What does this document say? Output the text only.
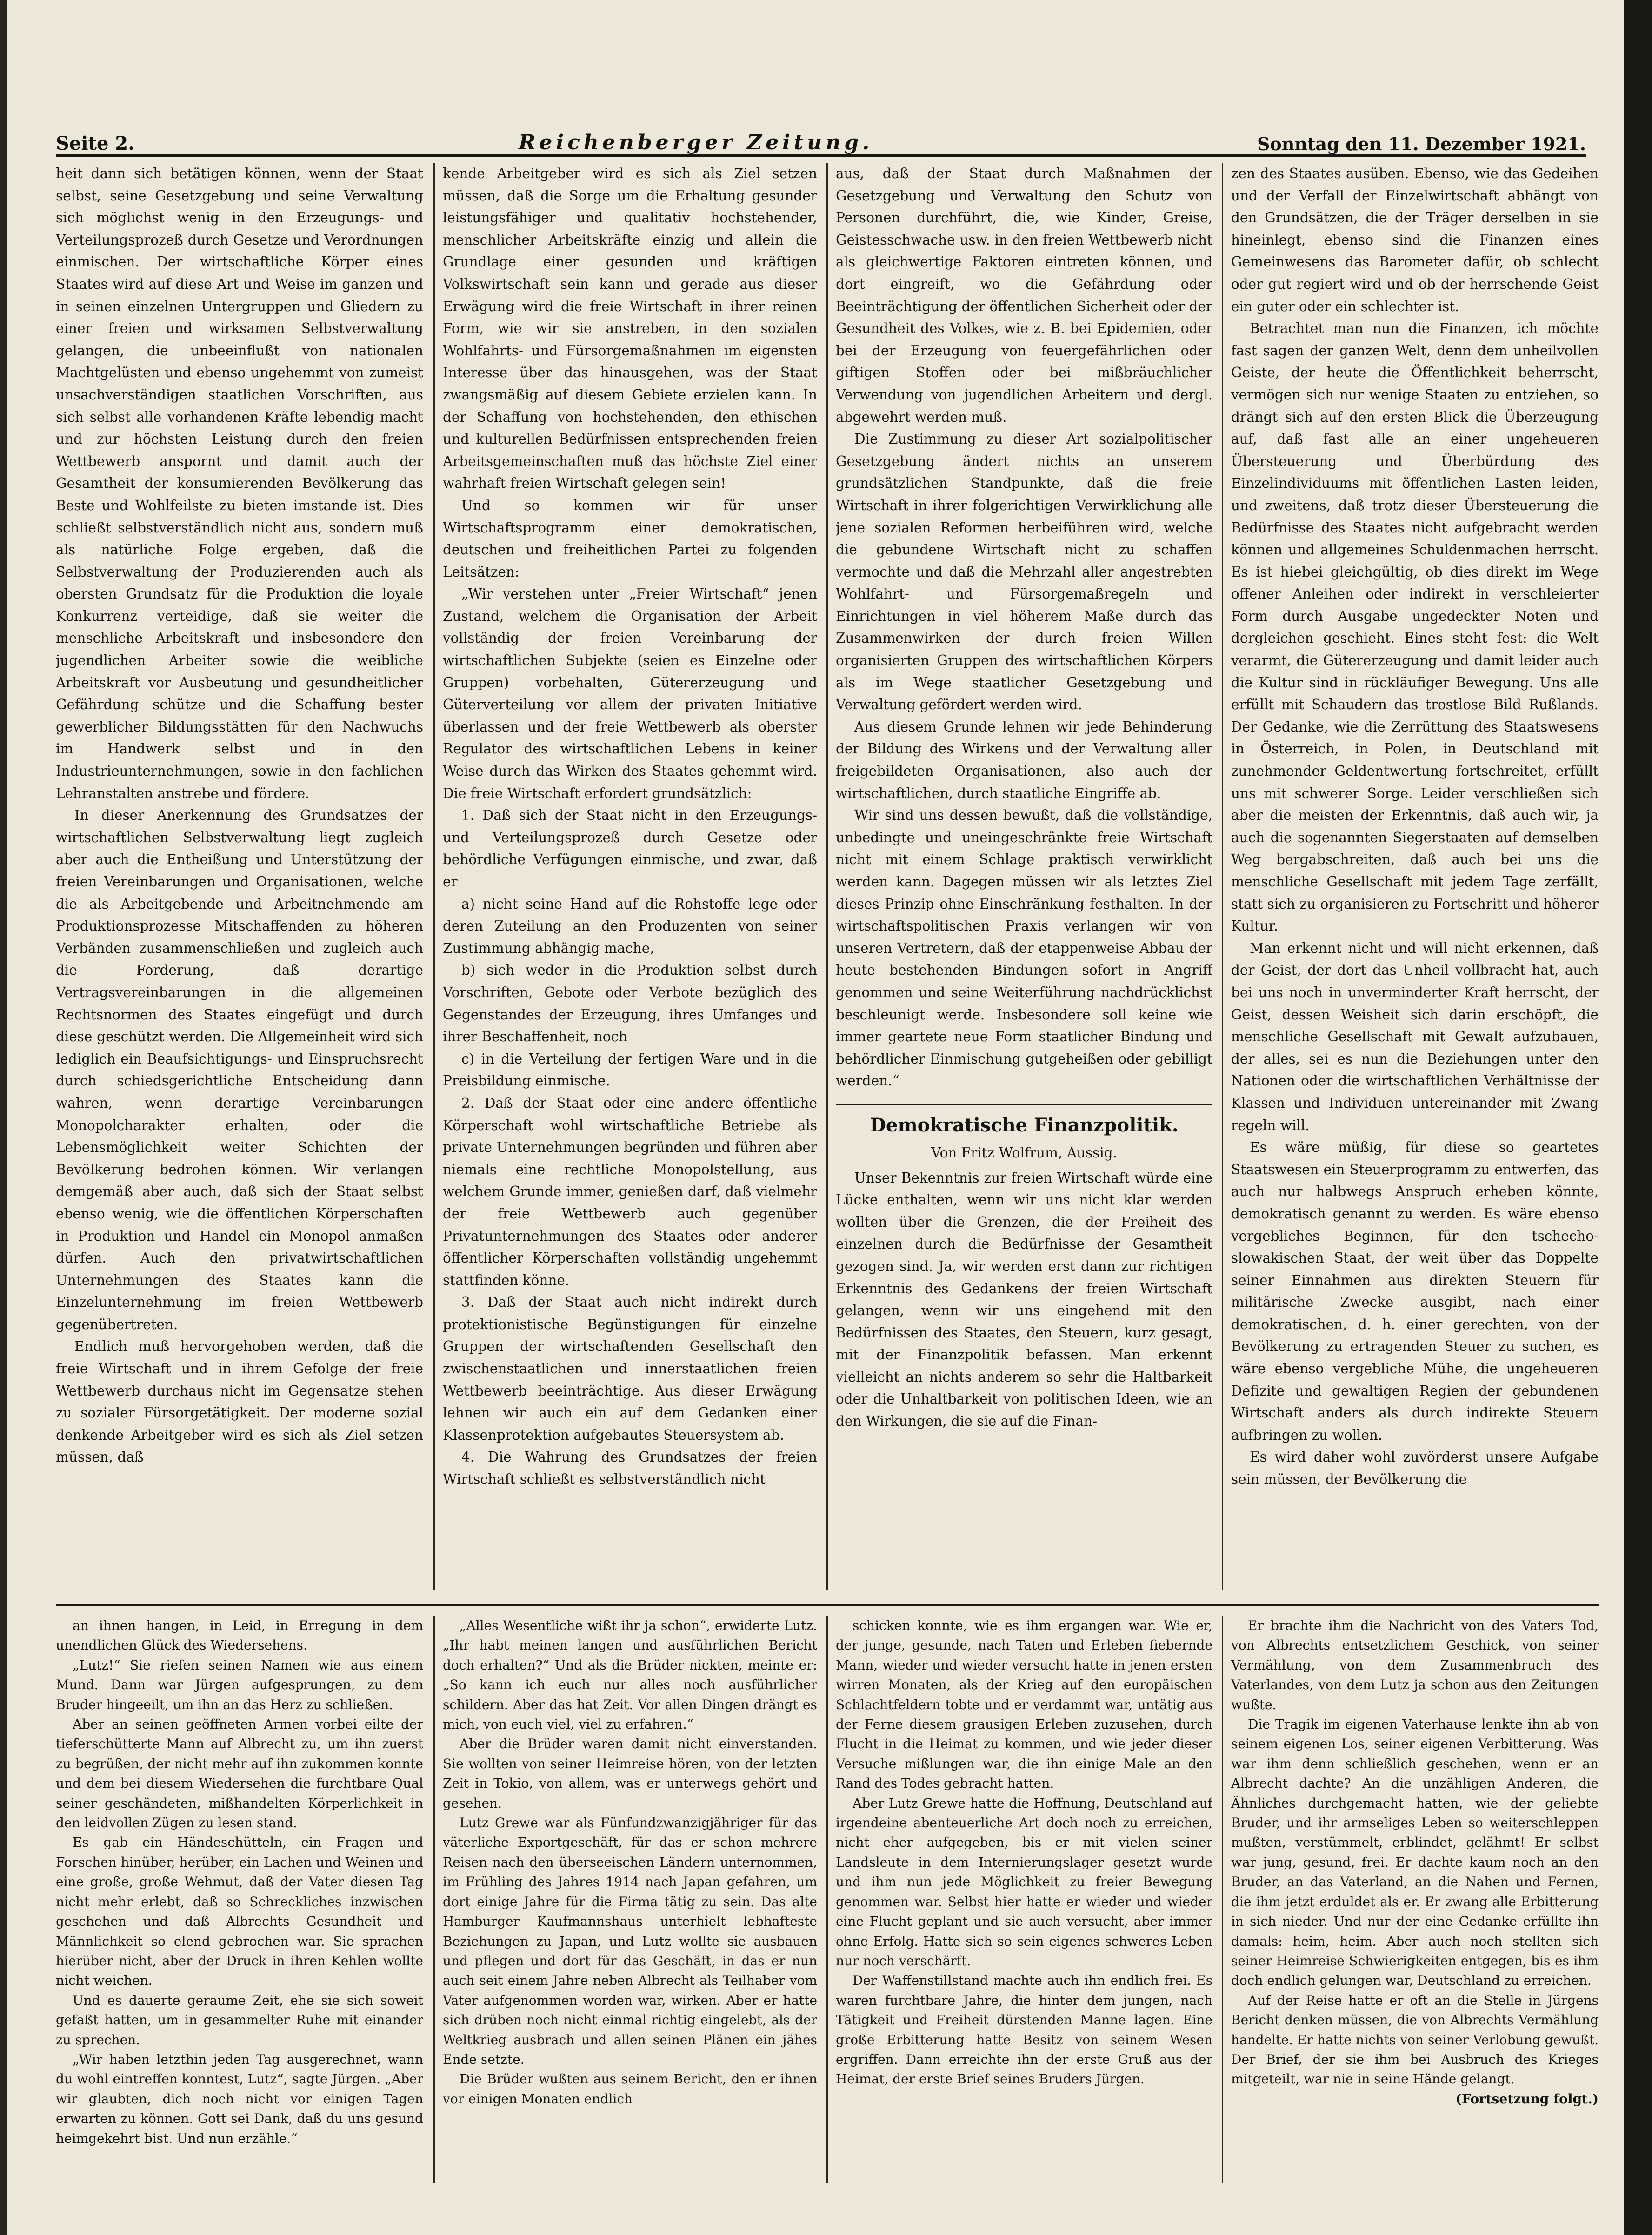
Seite 2.	Reichenberger Zeitung.	Sonntag den 11. Dezember 1921.

heit dann sich betätigen können, wenn der Staat selbst, seine Gesetzgebung und seine Verwaltung sich möglichst wenig in den Erzeugungs- und Verteilungsprozeß durch Gesetze und Verordnungen einmischen. Der wirtschaftliche Körper eines Staates wird auf diese Art und Weise im ganzen und in seinen einzelnen Untergruppen und Gliedern zu einer freien und wirksamen Selbstverwaltung gelangen, die unbeeinflußt von nationalen Machtgelüsten und ebenso ungehemmt von zumeist unsachverständigen staatlichen Vorschriften, aus sich selbst alle vorhandenen Kräfte lebendig macht und zur höchsten Leistung durch den freien Wettbewerb anspornt und damit auch der Gesamtheit der konsumierenden Bevölkerung das Beste und Wohlfeilste zu bieten imstande ist. Dies schließt selbstverständlich nicht aus, sondern muß als natürliche Folge ergeben, daß die Selbstverwaltung der Produzierenden auch als obersten Grundsatz für die Produktion die loyale Konkurrenz verteidige, daß sie weiter die menschliche Arbeitskraft und insbesondere den jugendlichen Arbeiter sowie die weibliche Arbeitskraft vor Ausbeutung und gesundheitlicher Gefährdung schütze und die Schaffung bester gewerblicher Bildungsstätten für den Nachwuchs im Handwerk selbst und in den Industrieunternehmungen, sowie in den fachlichen Lehranstalten anstrebe und fördere.

In dieser Anerkennung des Grundsatzes der wirtschaftlichen Selbstverwaltung liegt zugleich aber auch die Entheißung und Unterstützung der freien Vereinbarungen und Organisationen, welche die als Arbeitgebende und Arbeitnehmende am Produktionsprozesse Mitschaffenden zu höheren Verbänden zusammenschließen und zugleich auch die Forderung, daß derartige Vertragsvereinbarungen in die allgemeinen Rechtsnormen des Staates eingefügt und durch diese geschützt werden. Die Allgemeinheit wird sich lediglich ein Beaufsichtigungs- und Einspruchsrecht durch schiedsgerichtliche Entscheidung dann wahren, wenn derartige Vereinbarungen Monopolcharakter erhalten, oder die Lebensmöglichkeit weiter Schichten der Bevölkerung bedrohen können. Wir verlangen demgemäß aber auch, daß sich der Staat selbst ebenso wenig, wie die öffentlichen Körperschaften in Produktion und Handel ein Monopol anmaßen dürfen. Auch den privatwirtschaftlichen Unternehmungen des Staates kann die Einzelunternehmung im freien Wettbewerb gegenübertreten.

Endlich muß hervorgehoben werden, daß die freie Wirtschaft und in ihrem Gefolge der freie Wettbewerb durchaus nicht im Gegensatze stehen zu sozialer Fürsorgetätigkeit. Der moderne sozial denkende Arbeitgeber wird es sich als Ziel setzen müssen, daß

kende Arbeitgeber wird es sich als Ziel setzen müssen, daß die Sorge um die Erhaltung gesunder leistungsfähiger und qualitativ hochstehender, menschlicher Arbeitskräfte einzig und allein die Grundlage einer gesunden und kräftigen Volkswirtschaft sein kann und gerade aus dieser Erwägung wird die freie Wirtschaft in ihrer reinen Form, wie wir sie anstreben, in den sozialen Wohlfahrts- und Fürsorgemaßnahmen im eigensten Interesse über das hinausgehen, was der Staat zwangsmäßig auf diesem Gebiete erzielen kann. In der Schaffung von hochstehenden, den ethischen und kulturellen Bedürfnissen entsprechenden freien Arbeitsgemeinschaften muß das höchste Ziel einer wahrhaft freien Wirtschaft gelegen sein!

Und so kommen wir für unser Wirtschaftsprogramm einer demokratischen, deutschen und freiheitlichen Partei zu folgenden Leitsätzen:

„Wir verstehen unter „Freier Wirtschaft“ jenen Zustand, welchem die Organisation der Arbeit vollständig der freien Vereinbarung der wirtschaftlichen Subjekte (seien es Einzelne oder Gruppen) vorbehalten, Gütererzeugung und Güterverteilung vor allem der privaten Initiative überlassen und der freie Wettbewerb als oberster Regulator des wirtschaftlichen Lebens in keiner Weise durch das Wirken des Staates gehemmt wird. Die freie Wirtschaft erfordert grundsätzlich:

1. Daß sich der Staat nicht in den Erzeugungs- und Verteilungsprozeß durch Gesetze oder behördliche Verfügungen einmische, und zwar, daß er

a) nicht seine Hand auf die Rohstoffe lege oder deren Zuteilung an den Produzenten von seiner Zustimmung abhängig mache,

b) sich weder in die Produktion selbst durch Vorschriften, Gebote oder Verbote bezüglich des Gegenstandes der Erzeugung, ihres Umfanges und ihrer Beschaffenheit, noch

c) in die Verteilung der fertigen Ware und in die Preisbildung einmische.

2. Daß der Staat oder eine andere öffentliche Körperschaft wohl wirtschaftliche Betriebe als private Unternehmungen begründen und führen aber niemals eine rechtliche Monopolstellung, aus welchem Grunde immer, genießen darf, daß vielmehr der freie Wettbewerb auch gegenüber Privatunternehmungen des Staates oder anderer öffentlicher Körperschaften vollständig ungehemmt stattfinden könne.

3. Daß der Staat auch nicht indirekt durch protektionistische Begünstigungen für einzelne Gruppen der wirtschaftenden Gesellschaft den zwischenstaatlichen und innerstaatlichen freien Wettbewerb beeinträchtige. Aus dieser Erwägung lehnen wir auch ein auf dem Gedanken einer Klassenprotektion aufgebautes Steuersystem ab.

4. Die Wahrung des Grundsatzes der freien Wirtschaft schließt es selbstverständlich nicht

aus, daß der Staat durch Maßnahmen der Gesetzgebung und Verwaltung den Schutz von Personen durchführt, die, wie Kinder, Greise, Geistesschwache usw. in den freien Wettbewerb nicht als gleichwertige Faktoren eintreten können, und dort eingreift, wo die Gefährdung oder Beeinträchtigung der öffentlichen Sicherheit oder der Gesundheit des Volkes, wie z. B. bei Epidemien, oder bei der Erzeugung von feuergefährlichen oder giftigen Stoffen oder bei mißbräuchlicher Verwendung von jugendlichen Arbeitern und dergl. abgewehrt werden muß.

Die Zustimmung zu dieser Art sozialpolitischer Gesetzgebung ändert nichts an unserem grundsätzlichen Standpunkte, daß die freie Wirtschaft in ihrer folgerichtigen Verwirklichung alle jene sozialen Reformen herbeiführen wird, welche die gebundene Wirtschaft nicht zu schaffen vermochte und daß die Mehrzahl aller angestrebten Wohlfahrt- und Fürsorgemaßregeln und Einrichtungen in viel höherem Maße durch das Zusammenwirken der durch freien Willen organisierten Gruppen des wirtschaftlichen Körpers als im Wege staatlicher Gesetzgebung und Verwaltung gefördert werden wird.

Aus diesem Grunde lehnen wir jede Behinderung der Bildung des Wirkens und der Verwaltung aller freigebildeten Organisationen, also auch der wirtschaftlichen, durch staatliche Eingriffe ab.

Wir sind uns dessen bewußt, daß die vollständige, unbedingte und uneingeschränkte freie Wirtschaft nicht mit einem Schlage praktisch verwirklicht werden kann. Dagegen müssen wir als letztes Ziel dieses Prinzip ohne Einschränkung festhalten. In der wirtschaftspolitischen Praxis verlangen wir von unseren Vertretern, daß der etappenweise Abbau der heute bestehenden Bindungen sofort in Angriff genommen und seine Weiterführung nachdrücklichst beschleunigt werde. Insbesondere soll keine wie immer geartete neue Form staatlicher Bindung und behördlicher Einmischung gutgeheißen oder gebilligt werden.“

Demokratische Finanzpolitik.

Von Fritz Wolfrum, Aussig.

Unser Bekenntnis zur freien Wirtschaft würde eine Lücke enthalten, wenn wir uns nicht klar werden wollten über die Grenzen, die der Freiheit des einzelnen durch die Bedürfnisse der Gesamtheit gezogen sind. Ja, wir werden erst dann zur richtigen Erkenntnis des Gedankens der freien Wirtschaft gelangen, wenn wir uns eingehend mit den Bedürfnissen des Staates, den Steuern, kurz gesagt, mit der Finanzpolitik befassen. Man erkennt vielleicht an nichts anderem so sehr die Haltbarkeit oder die Unhaltbarkeit von politischen Ideen, wie an den Wirkungen, die sie auf die Finan-

zen des Staates ausüben. Ebenso, wie das Gedeihen und der Verfall der Einzelwirtschaft abhängt von den Grundsätzen, die der Träger derselben in sie hineinlegt, ebenso sind die Finanzen eines Gemeinwesens das Barometer dafür, ob schlecht oder gut regiert wird und ob der herrschende Geist ein guter oder ein schlechter ist.

Betrachtet man nun die Finanzen, ich möchte fast sagen der ganzen Welt, denn dem unheilvollen Geiste, der heute die Öffentlichkeit beherrscht, vermögen sich nur wenige Staaten zu entziehen, so drängt sich auf den ersten Blick die Überzeugung auf, daß fast alle an einer ungeheueren Übersteuerung und Überbürdung des Einzelindividuums mit öffentlichen Lasten leiden, und zweitens, daß trotz dieser Übersteuerung die Bedürfnisse des Staates nicht aufgebracht werden können und allgemeines Schuldenmachen herrscht. Es ist hiebei gleichgültig, ob dies direkt im Wege offener Anleihen oder indirekt in verschleierter Form durch Ausgabe ungedeckter Noten und dergleichen geschieht. Eines steht fest: die Welt verarmt, die Gütererzeugung und damit leider auch die Kultur sind in rückläufiger Bewegung. Uns alle erfüllt mit Schaudern das trostlose Bild Rußlands. Der Gedanke, wie die Zerrüttung des Staatswesens in Österreich, in Polen, in Deutschland mit zunehmender Geldentwertung fortschreitet, erfüllt uns mit schwerer Sorge. Leider verschließen sich aber die meisten der Erkenntnis, daß auch wir, ja auch die sogenannten Siegerstaaten auf demselben Weg bergabschreiten, daß auch bei uns die menschliche Gesellschaft mit jedem Tage zerfällt, statt sich zu organisieren zu Fortschritt und höherer Kultur.

Man erkennt nicht und will nicht erkennen, daß der Geist, der dort das Unheil vollbracht hat, auch bei uns noch in unverminderter Kraft herrscht, der Geist, dessen Weisheit sich darin erschöpft, die menschliche Gesellschaft mit Gewalt aufzubauen, der alles, sei es nun die Beziehungen unter den Nationen oder die wirtschaftlichen Verhältnisse der Klassen und Individuen untereinander mit Zwang regeln will.

Es wäre müßig, für diese so geartetes Staatswesen ein Steuerprogramm zu entwerfen, das auch nur halbwegs Anspruch erheben könnte, demokratisch genannt zu werden. Es wäre ebenso vergebliches Beginnen, für den tschecho-slowakischen Staat, der weit über das Doppelte seiner Einnahmen aus direkten Steuern für militärische Zwecke ausgibt, nach einer demokratischen, d. h. einer gerechten, von der Bevölkerung zu ertragenden Steuer zu suchen, es wäre ebenso vergebliche Mühe, die ungeheueren Defizite und gewaltigen Regien der gebundenen Wirtschaft anders als durch indirekte Steuern aufbringen zu wollen.

Es wird daher wohl zuvörderst unsere Aufgabe sein müssen, der Bevölkerung die

an ihnen hangen, in Leid, in Erregung in dem unendlichen Glück des Wiedersehens.

„Lutz!“ Sie riefen seinen Namen wie aus einem Mund. Dann war Jürgen aufgesprungen, zu dem Bruder hingeeilt, um ihn an das Herz zu schließen.

Aber an seinen geöffneten Armen vorbei eilte der tieferschütterte Mann auf Albrecht zu, um ihn zuerst zu begrüßen, der nicht mehr auf ihn zukommen konnte und dem bei diesem Wiedersehen die furchtbare Qual seiner geschändeten, mißhandelten Körperlichkeit in den leidvollen Zügen zu lesen stand.

Es gab ein Händeschütteln, ein Fragen und Forschen hinüber, herüber, ein Lachen und Weinen und eine große, große Wehmut, daß der Vater diesen Tag nicht mehr erlebt, daß so Schreckliches inzwischen geschehen und daß Albrechts Gesundheit und Männlichkeit so elend gebrochen war. Sie sprachen hierüber nicht, aber der Druck in ihren Kehlen wollte nicht weichen.

Und es dauerte geraume Zeit, ehe sie sich soweit gefaßt hatten, um in gesammelter Ruhe mit einander zu sprechen.

„Wir haben letzthin jeden Tag ausgerechnet, wann du wohl eintreffen konntest, Lutz“, sagte Jürgen. „Aber wir glaubten, dich noch nicht vor einigen Tagen erwarten zu können. Gott sei Dank, daß du uns gesund heimgekehrt bist. Und nun erzähle.“

„Alles Wesentliche wißt ihr ja schon“, erwiderte Lutz. „Ihr habt meinen langen und ausführlichen Bericht doch erhalten?“ Und als die Brüder nickten, meinte er: „So kann ich euch nur alles noch ausführlicher schildern. Aber das hat Zeit. Vor allen Dingen drängt es mich, von euch viel, viel zu erfahren.“

Aber die Brüder waren damit nicht einverstanden. Sie wollten von seiner Heimreise hören, von der letzten Zeit in Tokio, von allem, was er unterwegs gehört und gesehen.

Lutz Grewe war als Fünfundzwanzigjähriger für das väterliche Exportgeschäft, für das er schon mehrere Reisen nach den überseeischen Ländern unternommen, im Frühling des Jahres 1914 nach Japan gefahren, um dort einige Jahre für die Firma tätig zu sein. Das alte Hamburger Kaufmannshaus unterhielt lebhafteste Beziehungen zu Japan, und Lutz wollte sie ausbauen und pflegen und dort für das Geschäft, in das er nun auch seit einem Jahre neben Albrecht als Teilhaber vom Vater aufgenommen worden war, wirken. Aber er hatte sich drüben noch nicht einmal richtig eingelebt, als der Weltkrieg ausbrach und allen seinen Plänen ein jähes Ende setzte.

Die Brüder wußten aus seinem Bericht, den er ihnen vor einigen Monaten endlich

schicken konnte, wie es ihm ergangen war. Wie er, der junge, gesunde, nach Taten und Erleben fiebernde Mann, wieder und wieder versucht hatte in jenen ersten wirren Monaten, als der Krieg auf den europäischen Schlachtfeldern tobte und er verdammt war, untätig aus der Ferne diesem grausigen Erleben zuzusehen, durch Flucht in die Heimat zu kommen, und wie jeder dieser Versuche mißlungen war, die ihn einige Male an den Rand des Todes gebracht hatten.

Aber Lutz Grewe hatte die Hoffnung, Deutschland auf irgendeine abenteuerliche Art doch noch zu erreichen, nicht eher aufgegeben, bis er mit vielen seiner Landsleute in dem Internierungslager gesetzt wurde und ihm nun jede Möglichkeit zu freier Bewegung genommen war. Selbst hier hatte er wieder und wieder eine Flucht geplant und sie auch versucht, aber immer ohne Erfolg. Hatte sich so sein eigenes schweres Leben nur noch verschärft.

Der Waffenstillstand machte auch ihn endlich frei. Es waren furchtbare Jahre, die hinter dem jungen, nach Tätigkeit und Freiheit dürstenden Manne lagen. Eine große Erbitterung hatte Besitz von seinem Wesen ergriffen. Dann erreichte ihn der erste Gruß aus der Heimat, der erste Brief seines Bruders Jürgen.

Er brachte ihm die Nachricht von des Vaters Tod, von Albrechts entsetzlichem Geschick, von seiner Vermählung, von dem Zusammenbruch des Vaterlandes, von dem Lutz ja schon aus den Zeitungen wußte.

Die Tragik im eigenen Vaterhause lenkte ihn ab von seinem eigenen Los, seiner eigenen Verbitterung. Was war ihm denn schließlich geschehen, wenn er an Albrecht dachte? An die unzähligen Anderen, die Ähnliches durchgemacht hatten, wie der geliebte Bruder, und ihr armseliges Leben so weiterschleppen mußten, verstümmelt, erblindet, gelähmt! Er selbst war jung, gesund, frei. Er dachte kaum noch an den Bruder, an das Vaterland, an die Nahen und Fernen, die ihm jetzt erduldet als er. Er zwang alle Erbitterung in sich nieder. Und nur der eine Gedanke erfüllte ihn damals: heim, heim. Aber auch noch stellten sich seiner Heimreise Schwierigkeiten entgegen, bis es ihm doch endlich gelungen war, Deutschland zu erreichen.

Auf der Reise hatte er oft an die Stelle in Jürgens Bericht denken müssen, die von Albrechts Vermählung handelte. Er hatte nichts von seiner Verlobung gewußt. Der Brief, der sie ihm bei Ausbruch des Krieges mitgeteilt, war nie in seine Hände gelangt.

(Fortsetzung folgt.)
